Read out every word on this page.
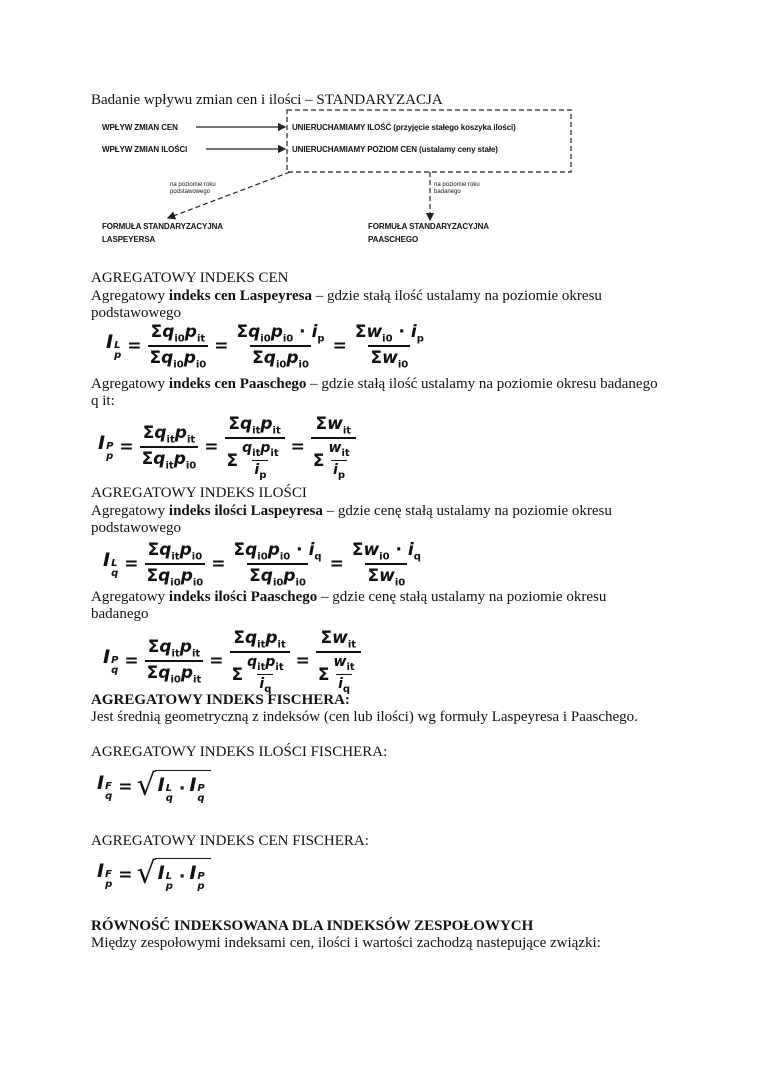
Badanie wpływu zmian cen i ilości – STANDARYZACJA
WPŁYW ZMIAN CEN
WPŁYW ZMIAN ILOŚCI
UNIERUCHAMIAMY ILOŚĆ (przyjęcie stałego koszyka ilości)
UNIERUCHAMIAMY POZIOM CEN (ustalamy ceny stałe)
na poziomie roku
podstawowego
na poziomie roku
badanego
FORMUŁA STANDARYZACYJNA
LASPEYERSA
FORMUŁA STANDARYZACYJNA
PAASCHEGO
AGREGATOWY INDEKS CEN
Agregatowy indeks cen Laspeyresa – gdzie stałą ilość ustalamy na poziomie okresu
podstawowego
I L
$p = \frac{\Sigma q_{i0}p_{it}}{\Sigma q_{i0}p_{i0}} = \frac{\Sigma q_{i0}p_{i0} \cdot i_p}{\Sigma q_{i0}p_{i0}} = \frac{\Sigma w_{i0} \cdot i_p}{\Sigma w_{i0}}$
Agregatowy indeks cen Paaschego – gdzie stałą ilość ustalamy na poziomie okresu badanego
q it:
I P
$p = \frac{\Sigma q_{it}p_{it}}{\Sigma q_{it}p_{i0}} = \frac{\Sigma q_{it}p_{it}}{\Sigma \frac{q_{it}p_{it}}{i_p}} = \frac{\Sigma w_{it}}{\Sigma \frac{w_{it}}{i_p}}$
AGREGATOWY INDEKS ILOŚCI
Agregatowy indeks ilości Laspeyresa – gdzie cenę stałą ustalamy na poziomie okresu
podstawowego
I L
$q = \frac{\Sigma q_{it}p_{i0}}{\Sigma q_{i0}p_{i0}} = \frac{\Sigma q_{i0}p_{i0} \cdot i_q}{\Sigma q_{i0}p_{i0}} = \frac{\Sigma w_{i0} \cdot i_q}{\Sigma w_{i0}}$
Agregatowy indeks ilości Paaschego – gdzie cenę stałą ustalamy na poziomie okresu
badanego
I P
$q = \frac{\Sigma q_{it}p_{it}}{\Sigma q_{i0}p_{it}} = \frac{\Sigma q_{it}p_{it}}{\Sigma \frac{q_{it}p_{it}}{i_q}} = \frac{\Sigma w_{it}}{\Sigma \frac{w_{it}}{i_q}}$
AGREGATOWY INDEKS FISCHERA:
Jest średnią geometryczną z indeksów (cen lub ilości) wg formuły Laspeyresa i Paaschego.
AGREGATOWY INDEKS ILOŚCI FISCHERA:
I F
q = √ I L
q · I P
q
AGREGATOWY INDEKS CEN FISCHERA:
I F
p = √ I L
p · I P
p
RÓWNOŚĆ INDEKSOWANA DLA INDEKSÓW ZESPOŁOWYCH
Między zespołowymi indeksami cen, ilości i wartości zachodzą nastepujące związki:
